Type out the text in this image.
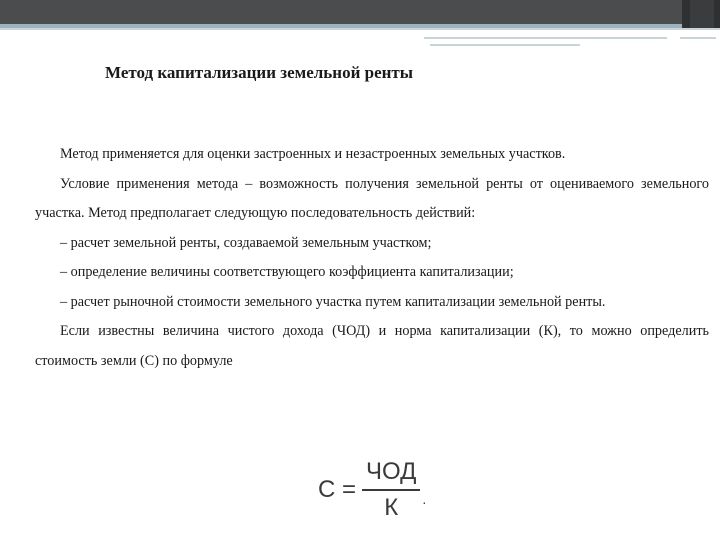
Метод капитализации земельной ренты

Метод применяется для оценки застроенных и незастроенных земельных участков.

Условие применения метода – возможность получения земельной ренты от оцениваемого земельного участка. Метод предполагает следующую последовательность действий:

– расчет земельной ренты, создаваемой земельным участком;

– определение величины соответствующего коэффициента капитализации;

– расчет рыночной стоимости земельного участка путем капитализации земельной ренты.

Если известны величина чистого дохода (ЧОД) и норма капитализации (К), то можно определить стоимость земли (С) по формуле

$С = \frac{\text{ЧОД}}{К}$ .
